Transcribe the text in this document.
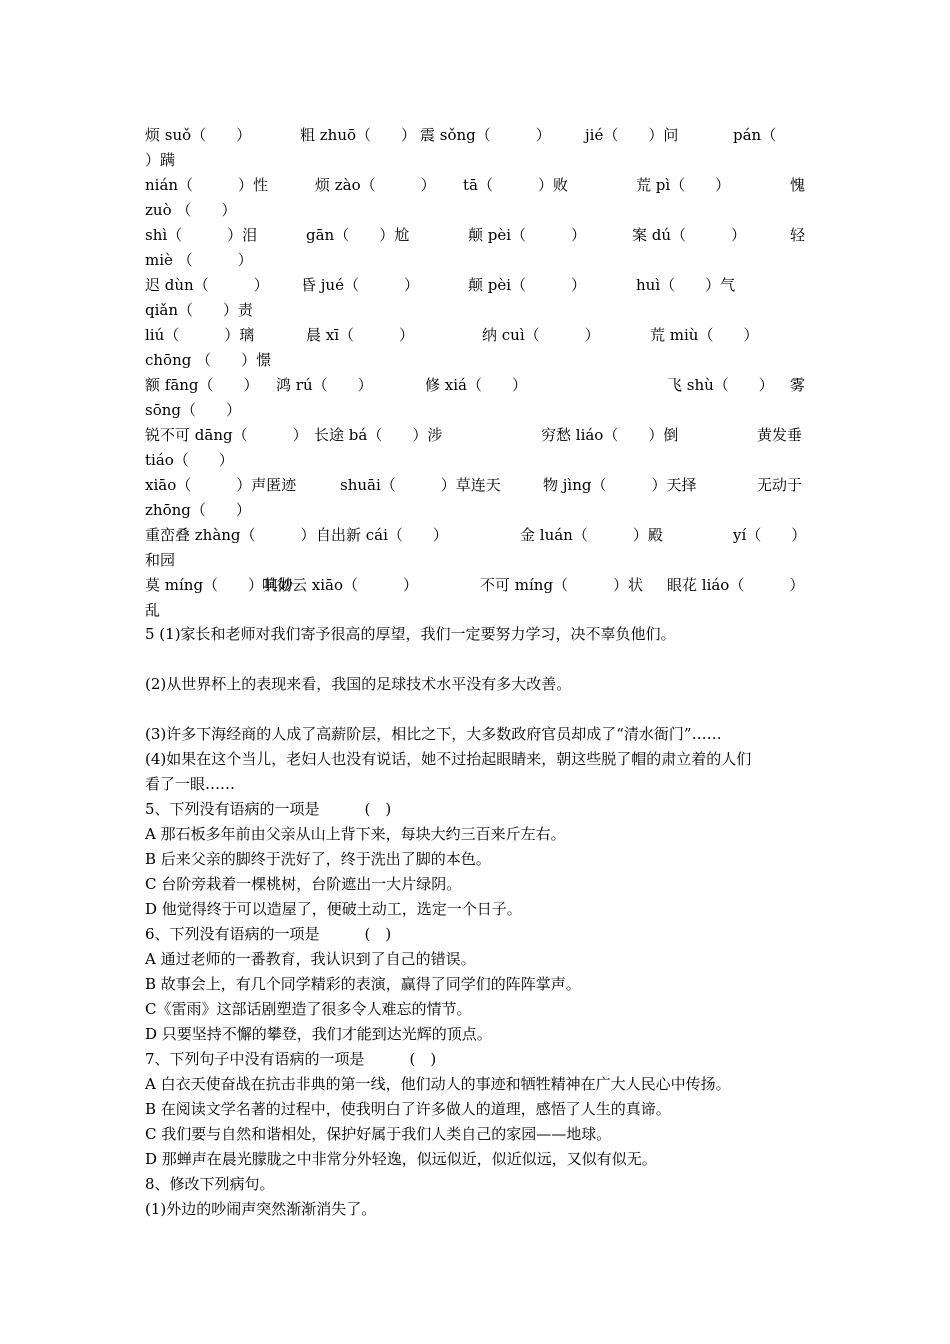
烦 suǒ（　　）	粗 zhuō（　　） 震 sǒng（　　　） jié（　　）问	pán（
）蹒
nián（　　　）性	烦 zào（　　　） tā（　　　）败	荒 pì（　　）	愧
zuò （　　）
shì（　　　）泪	gān（　　）尬	颠 pèi（　　　）	案 dú（　　　）	轻
miè （　　　）
迟 dùn（　　　） 昏 jué（　　　）	颠 pèi（　　　）	huì（　　）气
qiǎn（　　）责
liú（　　　）璃	晨 xī（　　　）	纳 cuì（　　　）	荒 miù（　　）
chōng （　　）憬
额 fāng（　　） 鸿 rú（　　）	修 xiá（　　）	飞 shù（　　） 雾
sōng（　　）
锐不可 dāng（　　　） 长途 bá（　　）涉	穷愁 liáo（　　）倒	黄发垂
tiáo（　　）
xiāo（　　　）声匿迹	shuāi（　　　）草连天	物 jìng（　　　）天择	无动于
zhōng（　　）
重峦叠 zhàng（　　　） 自出新 cái（　　）	金 luán（　　　）殿	yí（　　）
和园
莫 míng（　　）其妙
响彻云 xiāo（　　　）	不可 míng（　　　）状 眼花 liáo（　　　）
乱
5 (1)家长和老师对我们寄予很高的厚望，我们一定要努力学习，决不辜负他们。
(2)从世界杯上的表现来看，我国的足球技术水平没有多大改善。
(3)许多下海经商的人成了高薪阶层，相比之下，大多数政府官员却成了“清水衙门”……
(4)如果在这个当儿，老妇人也没有说话，她不过抬起眼睛来，朝这些脱了帽的肃立着的人们
看了一眼……
5、下列没有语病的一项是　　　(　)
A 那石板多年前由父亲从山上背下来，每块大约三百来斤左右。
B 后来父亲的脚终于洗好了，终于洗出了脚的本色。
C 台阶旁栽着一棵桃树，台阶遮出一大片绿阴。
D 他觉得终于可以造屋了，便破土动工，选定一个日子。
6、下列没有语病的一项是　　　(　)
A 通过老师的一番教育，我认识到了自己的错误。
B 故事会上，有几个同学精彩的表演，赢得了同学们的阵阵掌声。
C《雷雨》这部话剧塑造了很多令人难忘的情节。
D 只要坚持不懈的攀登，我们才能到达光辉的顶点。
7、下列句子中没有语病的一项是　　　(　)
A 白衣天使奋战在抗击非典的第一线，他们动人的事迹和牺牲精神在广大人民心中传扬。
B 在阅读文学名著的过程中，使我明白了许多做人的道理，感悟了人生的真谛。
C 我们要与自然和谐相处，保护好属于我们人类自己的家园——地球。
D 那蝉声在晨光朦胧之中非常分外轻逸，似远似近，似近似远，又似有似无。
8、修改下列病句。
(1)外边的吵闹声突然渐渐消失了。
